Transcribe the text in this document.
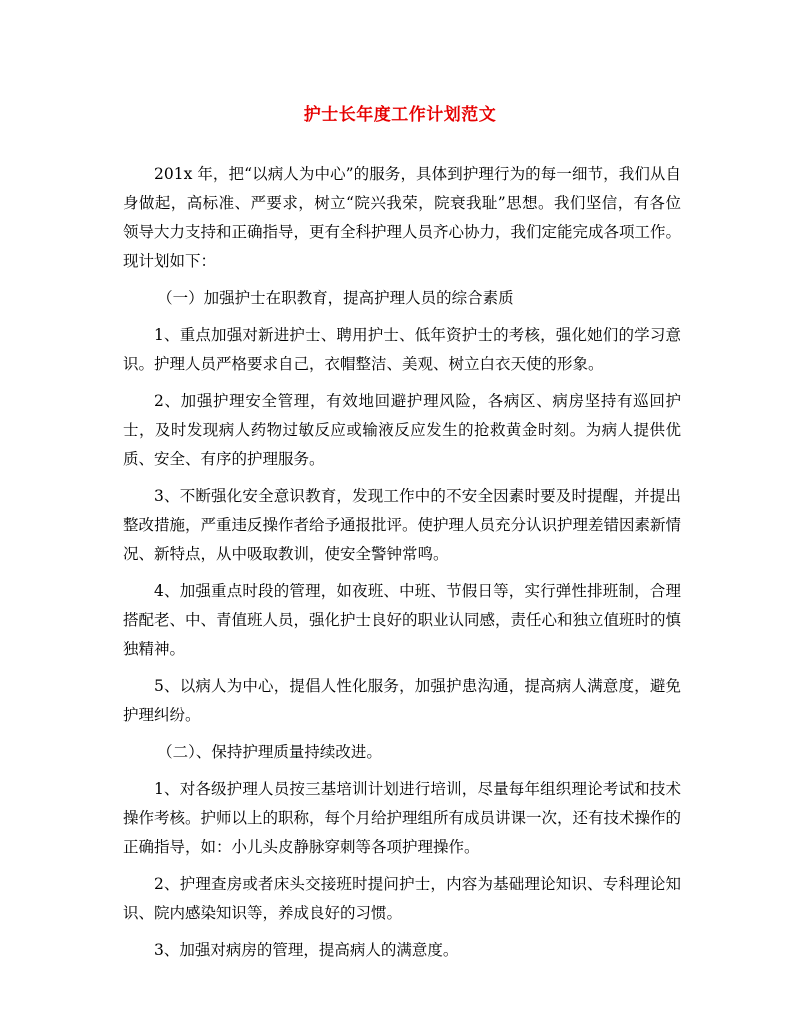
护士长年度工作计划范文

201x 年，把“以病人为中心”的服务，具体到护理行为的每一细节，我们从自身做起，高标准、严要求，树立“院兴我荣，院衰我耻”思想。我们坚信，有各位领导大力支持和正确指导，更有全科护理人员齐心协力，我们定能完成各项工作。现计划如下：

（一）加强护士在职教育，提高护理人员的综合素质

1、重点加强对新进护士、聘用护士、低年资护士的考核，强化她们的学习意识。护理人员严格要求自己，衣帽整洁、美观、树立白衣天使的形象。

2、加强护理安全管理，有效地回避护理风险，各病区、病房坚持有巡回护士，及时发现病人药物过敏反应或输液反应发生的抢救黄金时刻。为病人提供优质、安全、有序的护理服务。

3、不断强化安全意识教育，发现工作中的不安全因素时要及时提醒，并提出整改措施，严重违反操作者给予通报批评。使护理人员充分认识护理差错因素新情况、新特点，从中吸取教训，使安全警钟常鸣。

4、加强重点时段的管理，如夜班、中班、节假日等，实行弹性排班制，合理搭配老、中、青值班人员，强化护士良好的职业认同感，责任心和独立值班时的慎独精神。

5、以病人为中心，提倡人性化服务，加强护患沟通，提高病人满意度，避免护理纠纷。

（二）、保持护理质量持续改进。

1、对各级护理人员按三基培训计划进行培训，尽量每年组织理论考试和技术操作考核。护师以上的职称，每个月给护理组所有成员讲课一次，还有技术操作的正确指导，如：小儿头皮静脉穿刺等各项护理操作。

2、护理查房或者床头交接班时提问护士，内容为基础理论知识、专科理论知识、院内感染知识等，养成良好的习惯。

3、加强对病房的管理，提高病人的满意度。
